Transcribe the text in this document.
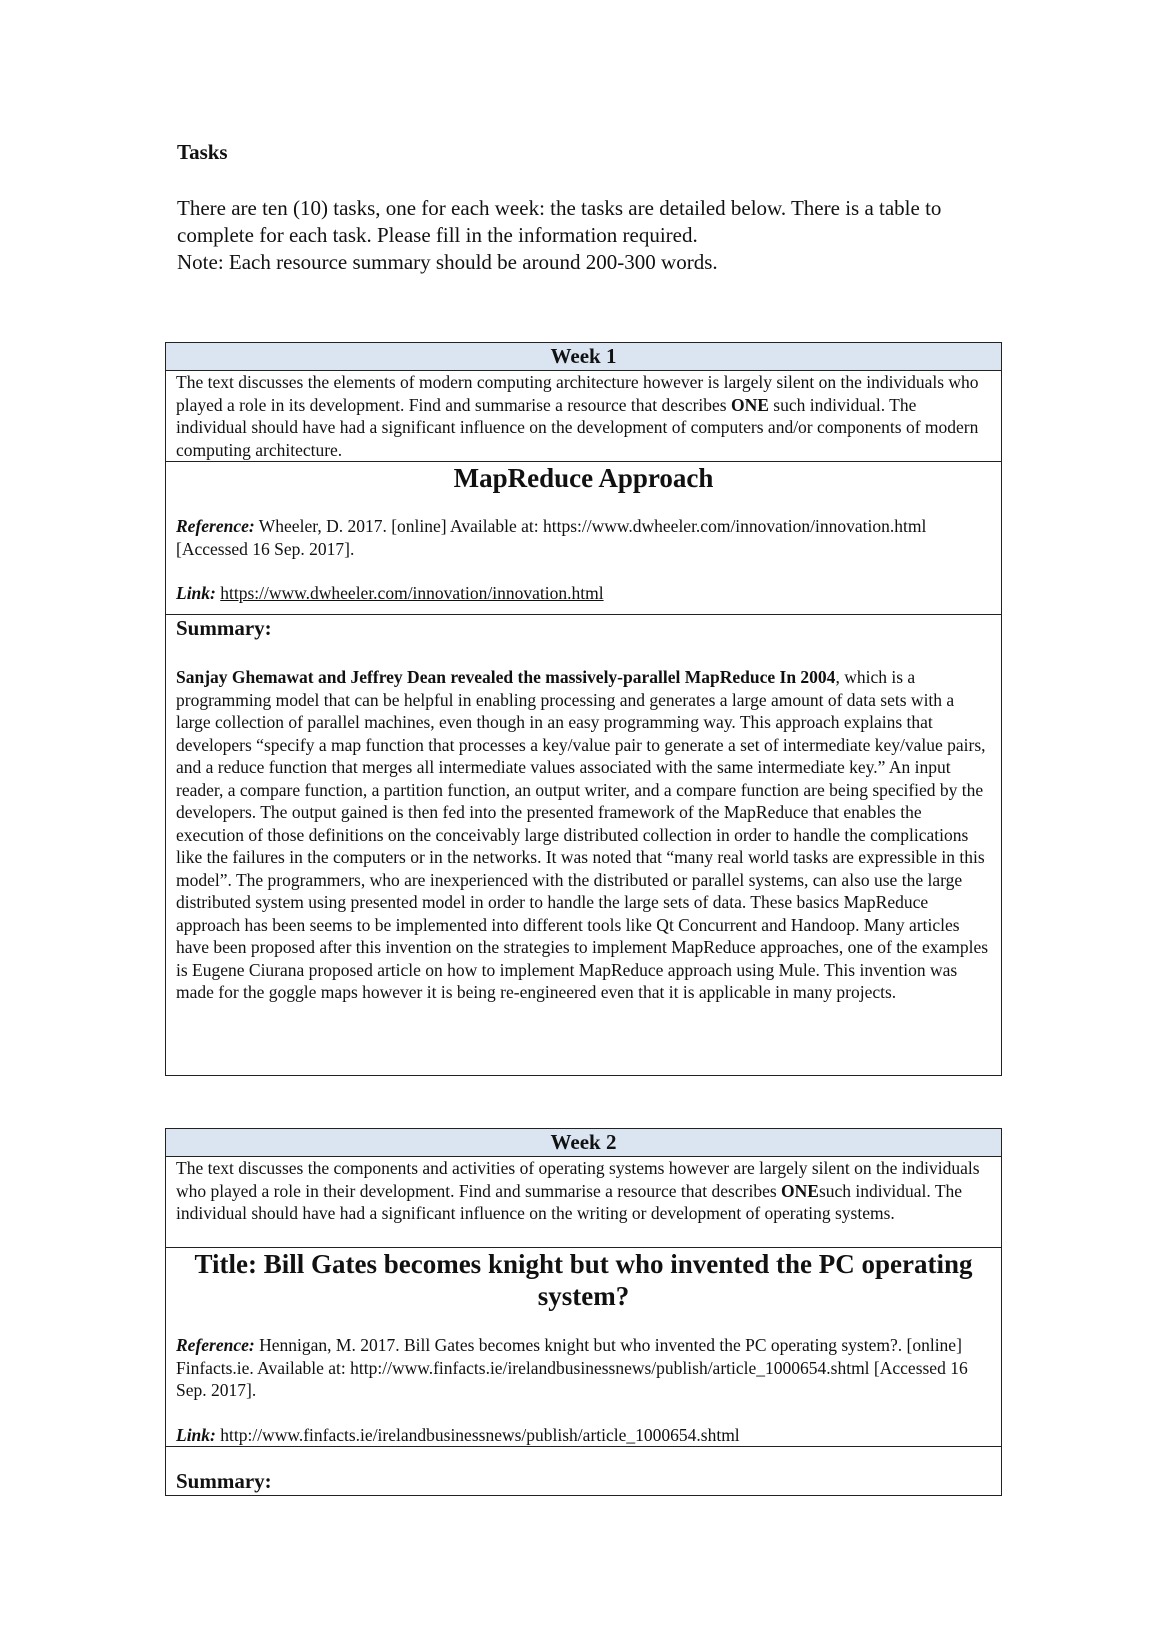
Tasks

There are ten (10) tasks, one for each week: the tasks are detailed below. There is a table to complete for each task. Please fill in the information required.

Note: Each resource summary should be around 200-300 words.

Week 1
The text discusses the elements of modern computing architecture however is largely silent on the individuals who played a role in its development. Find and summarise a resource that describes ONE such individual. The individual should have had a significant influence on the development of computers and/or components of modern computing architecture.

MapReduce Approach
Reference: Wheeler, D. 2017. [online] Available at: https://www.dwheeler.com/innovation/innovation.html [Accessed 16 Sep. 2017].
Link: https://www.dwheeler.com/innovation/innovation.html

Summary:
Sanjay Ghemawat and Jeffrey Dean revealed the massively-parallel MapReduce In 2004, which is a programming model that can be helpful in enabling processing and generates a large amount of data sets with a large collection of parallel machines, even though in an easy programming way. This approach explains that developers “specify a map function that processes a key/value pair to generate a set of intermediate key/value pairs, and a reduce function that merges all intermediate values associated with the same intermediate key.” An input reader, a compare function, a partition function, an output writer, and a compare function are being specified by the developers. The output gained is then fed into the presented framework of the MapReduce that enables the execution of those definitions on the conceivably large distributed collection in order to handle the complications like the failures in the computers or in the networks. It was noted that “many real world tasks are expressible in this model”. The programmers, who are inexperienced with the distributed or parallel systems, can also use the large distributed system using presented model in order to handle the large sets of data. These basics MapReduce approach has been seems to be implemented into different tools like Qt Concurrent and Handoop. Many articles have been proposed after this invention on the strategies to implement MapReduce approaches, one of the examples is Eugene Ciurana proposed article on how to implement MapReduce approach using Mule. This invention was made for the goggle maps however it is being re-engineered even that it is applicable in many projects.
Week 2
The text discusses the components and activities of operating systems however are largely silent on the individuals who played a role in their development. Find and summarise a resource that describes ONEsuch individual. The individual should have had a significant influence on the writing or development of operating systems.

Title: Bill Gates becomes knight but who invented the PC operating system?
Reference: Hennigan, M. 2017. Bill Gates becomes knight but who invented the PC operating system?. [online] Finfacts.ie. Available at: http://www.finfacts.ie/irelandbusinessnews/publish/article_1000654.shtml [Accessed 16 Sep. 2017].
Link: http://www.finfacts.ie/irelandbusinessnews/publish/article_1000654.shtml

Summary:
